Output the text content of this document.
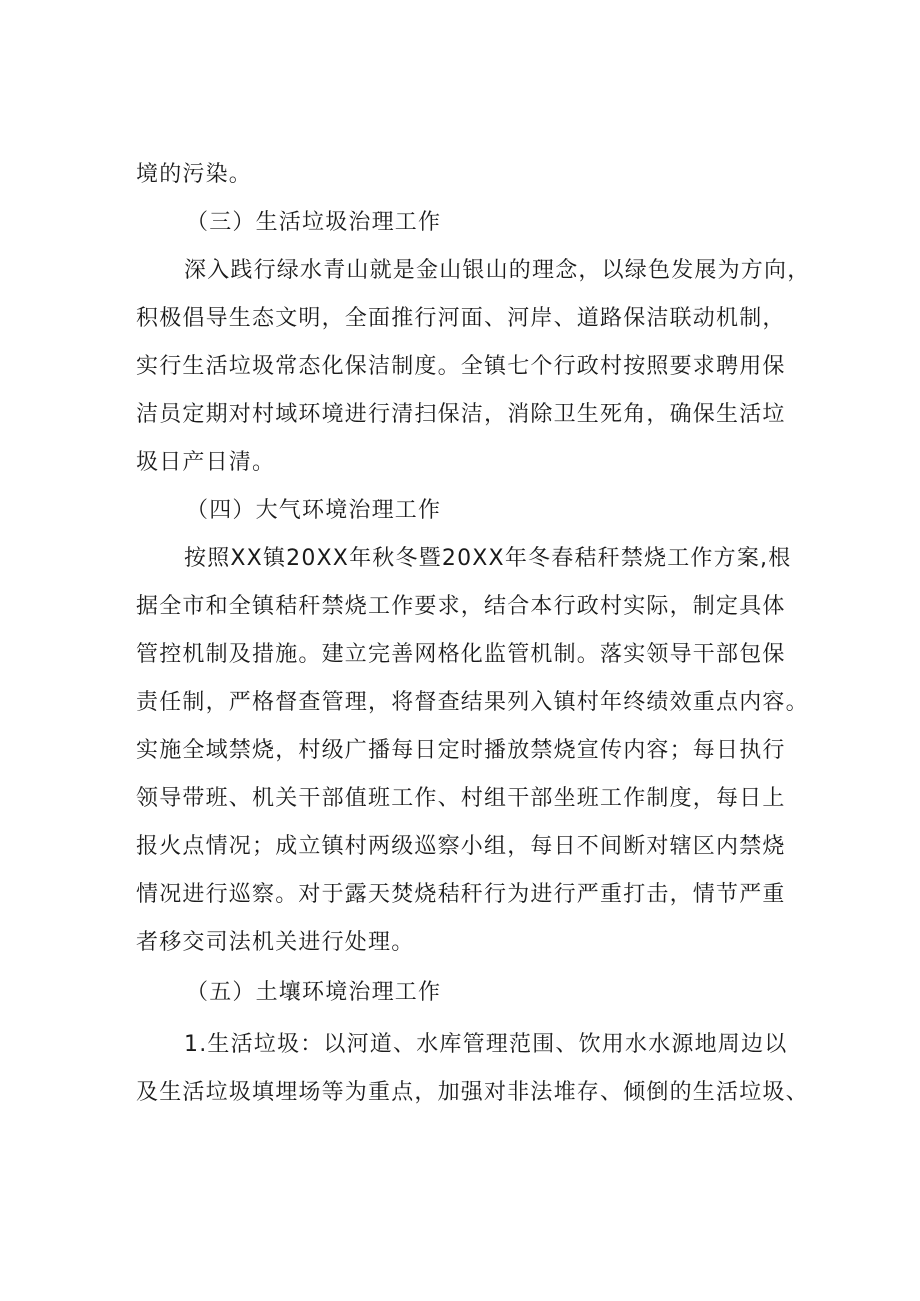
境的污染。

（三）生活垃圾治理工作

深入践行绿水青山就是金山银山的理念，以绿色发展为方向，

积极倡导生态文明，全面推行河面、河岸、道路保洁联动机制，

实行生活垃圾常态化保洁制度。全镇七个行政村按照要求聘用保

洁员定期对村域环境进行清扫保洁，消除卫生死角，确保生活垃

圾日产日清。

（四）大气环境治理工作

按照XX镇20XX年秋冬暨20XX年冬春秸秆禁烧工作方案,根

据全市和全镇秸秆禁烧工作要求，结合本行政村实际，制定具体

管控机制及措施。建立完善网格化监管机制。落实领导干部包保

责任制，严格督查管理，将督查结果列入镇村年终绩效重点内容。

实施全域禁烧，村级广播每日定时播放禁烧宣传内容；每日执行

领导带班、机关干部值班工作、村组干部坐班工作制度，每日上

报火点情况；成立镇村两级巡察小组，每日不间断对辖区内禁烧

情况进行巡察。对于露天焚烧秸秆行为进行严重打击，情节严重

者移交司法机关进行处理。

（五）土壤环境治理工作

1.生活垃圾：以河道、水库管理范围、饮用水水源地周边以

及生活垃圾填埋场等为重点，加强对非法堆存、倾倒的生活垃圾、
